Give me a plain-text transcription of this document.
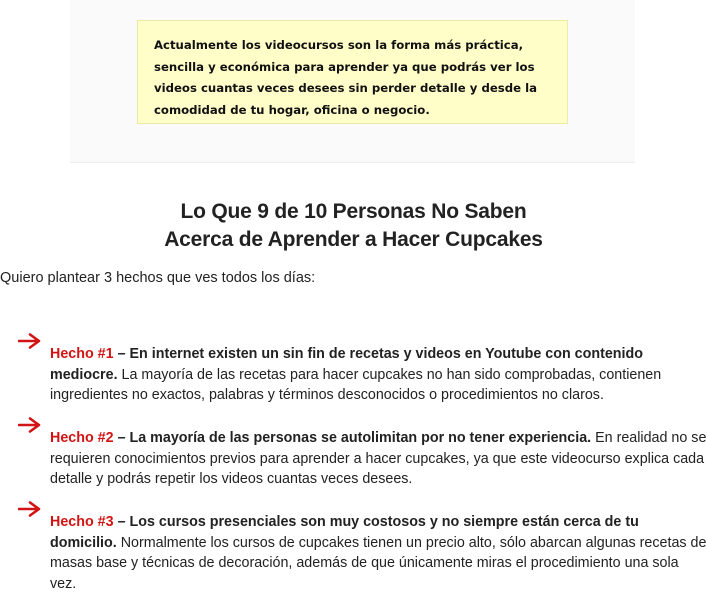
Actualmente los videocursos son la forma más práctica, sencilla y económica para aprender ya que podrás ver los videos cuantas veces desees sin perder detalle y desde la comodidad de tu hogar, oficina o negocio.
Lo Que 9 de 10 Personas No Saben
Acerca de Aprender a Hacer Cupcakes

Quiero plantear 3 hechos que ves todos los días:

Hecho #1 – En internet existen un sin fin de recetas y videos en Youtube con contenido mediocre. La mayoría de las recetas para hacer cupcakes no han sido comprobadas, contienen ingredientes no exactos, palabras y términos desconocidos o procedimientos no claros.

Hecho #2 – La mayoría de las personas se autolimitan por no tener experiencia. En realidad no se requieren conocimientos previos para aprender a hacer cupcakes, ya que este videocurso explica cada detalle y podrás repetir los videos cuantas veces desees.

Hecho #3 – Los cursos presenciales son muy costosos y no siempre están cerca de tu domicilio. Normalmente los cursos de cupcakes tienen un precio alto, sólo abarcan algunas recetas de masas base y técnicas de decoración, además de que únicamente miras el procedimiento una sola vez.
